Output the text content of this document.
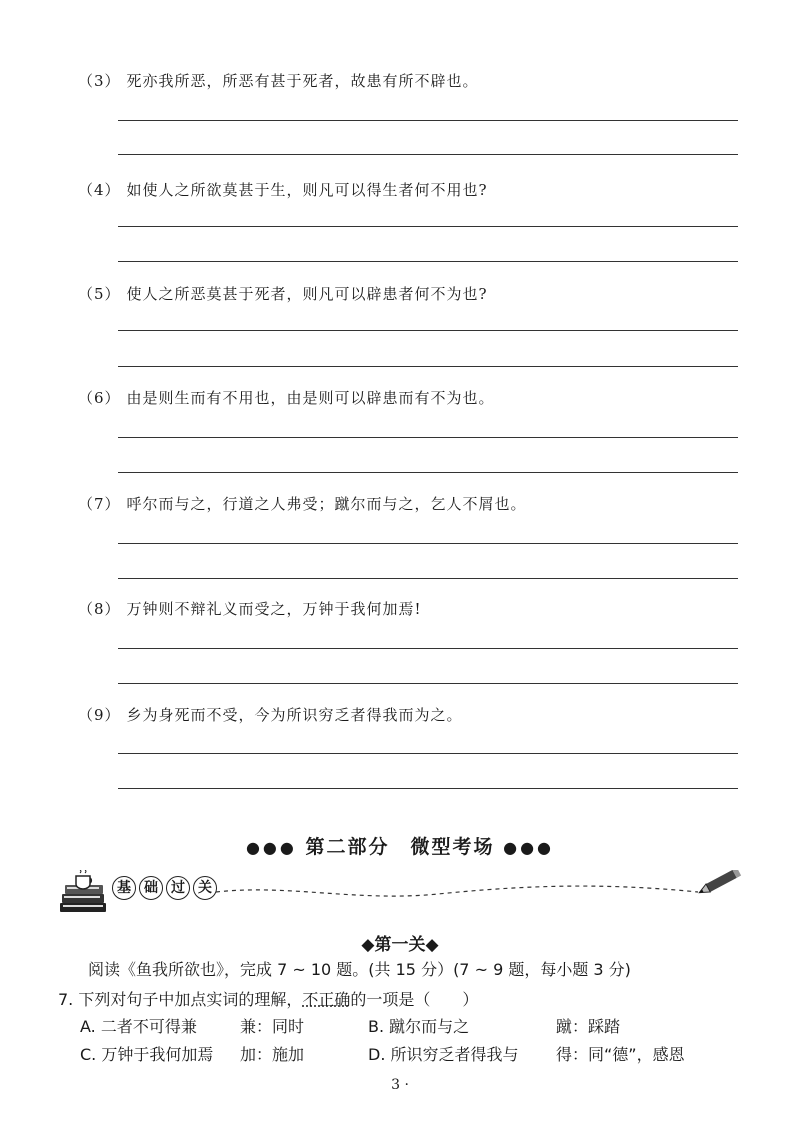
（3） 死亦我所恶，所恶有甚于死者，故患有所不辟也。
（4） 如使人之所欲莫甚于生，则凡可以得生者何不用也?
（5） 使人之所恶莫甚于死者，则凡可以辟患者何不为也?
（6） 由是则生而有不用也，由是则可以辟患而有不为也。
（7） 呼尔而与之，行道之人弗受；蹴尔而与之，乞人不屑也。
（8） 万钟则不辩礼义而受之，万钟于我何加焉!
（9） 乡为身死而不受，今为所识穷乏者得我而为之。
●●● 第二部分　微型考场 ●●●
基 础 过 关
◆第一关◆
阅读《鱼我所欲也》，完成 7 ~ 10 题。(共 15 分）(7 ~ 9 题，每小题 3 分)
7. 下列对句子中加点实词的理解，不正确的一项是（　　）
A. 二者不可得兼	兼：同时	B. 蹴尔而与之	蹴：踩踏
C. 万钟于我何加焉 加：施加	D. 所识穷乏者得我与 得：同“德”，感恩
3 ·
